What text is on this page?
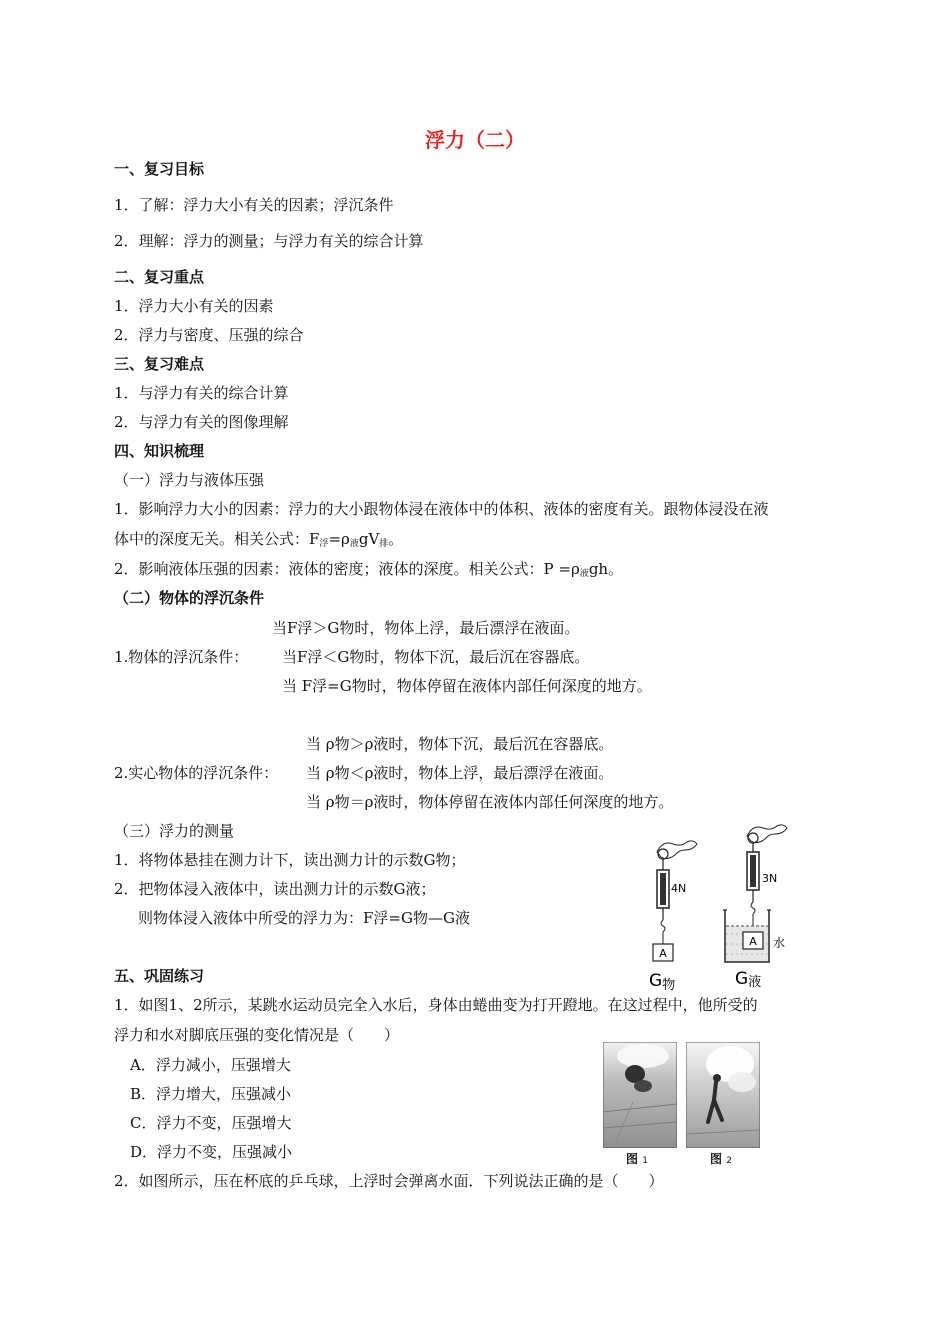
浮力（二）
一、复习目标
1．了解：浮力大小有关的因素；浮沉条件
2．理解：浮力的测量；与浮力有关的综合计算
二、复习重点
1．浮力大小有关的因素
2．浮力与密度、压强的综合
三、复习难点
1．与浮力有关的综合计算
2．与浮力有关的图像理解
四、知识梳理
（一）浮力与液体压强
1．影响浮力大小的因素：浮力的大小跟物体浸在液体中的体积、液体的密度有关。跟物体浸没在液
体中的深度无关。相关公式：$F_浮=\rho_液gV_排$。
2．影响液体压强的因素：液体的密度；液体的深度。相关公式：$P =\rho_液gh$。
（二）物体的浮沉条件
当F浮＞G物时，物体上浮，最后漂浮在液面。
1.物体的浮沉条件： 当F浮＜G物时，物体下沉，最后沉在容器底。
当 F浮=G物时，物体停留在液体内部任何深度的地方。
当 ρ物＞ρ液时，物体下沉，最后沉在容器底。
2.实心物体的浮沉条件： 当 ρ物＜ρ液时，物体上浮，最后漂浮在液面。
当 ρ物＝ρ液时，物体停留在液体内部任何深度的地方。
（三）浮力的测量
1．将物体悬挂在测力计下，读出测力计的示数G物；
2．把物体浸入液体中，读出测力计的示数G液；
则物体浸入液体中所受的浮力为：F浮=G物—G液
A
4N
3N
A 水
G物	G液
五、巩固练习
1．如图1、2所示，某跳水运动员完全入水后，身体由蜷曲变为打开蹬地。在这过程中，他所受的
浮力和水对脚底压强的变化情况是（　　）
A．浮力减小，压强增大
B．浮力增大，压强减小
C．浮力不变，压强增大
D．浮力不变，压强减小	图 1	图 2
2．如图所示，压在杯底的乒乓球，上浮时会弹离水面．下列说法正确的是（　　）
